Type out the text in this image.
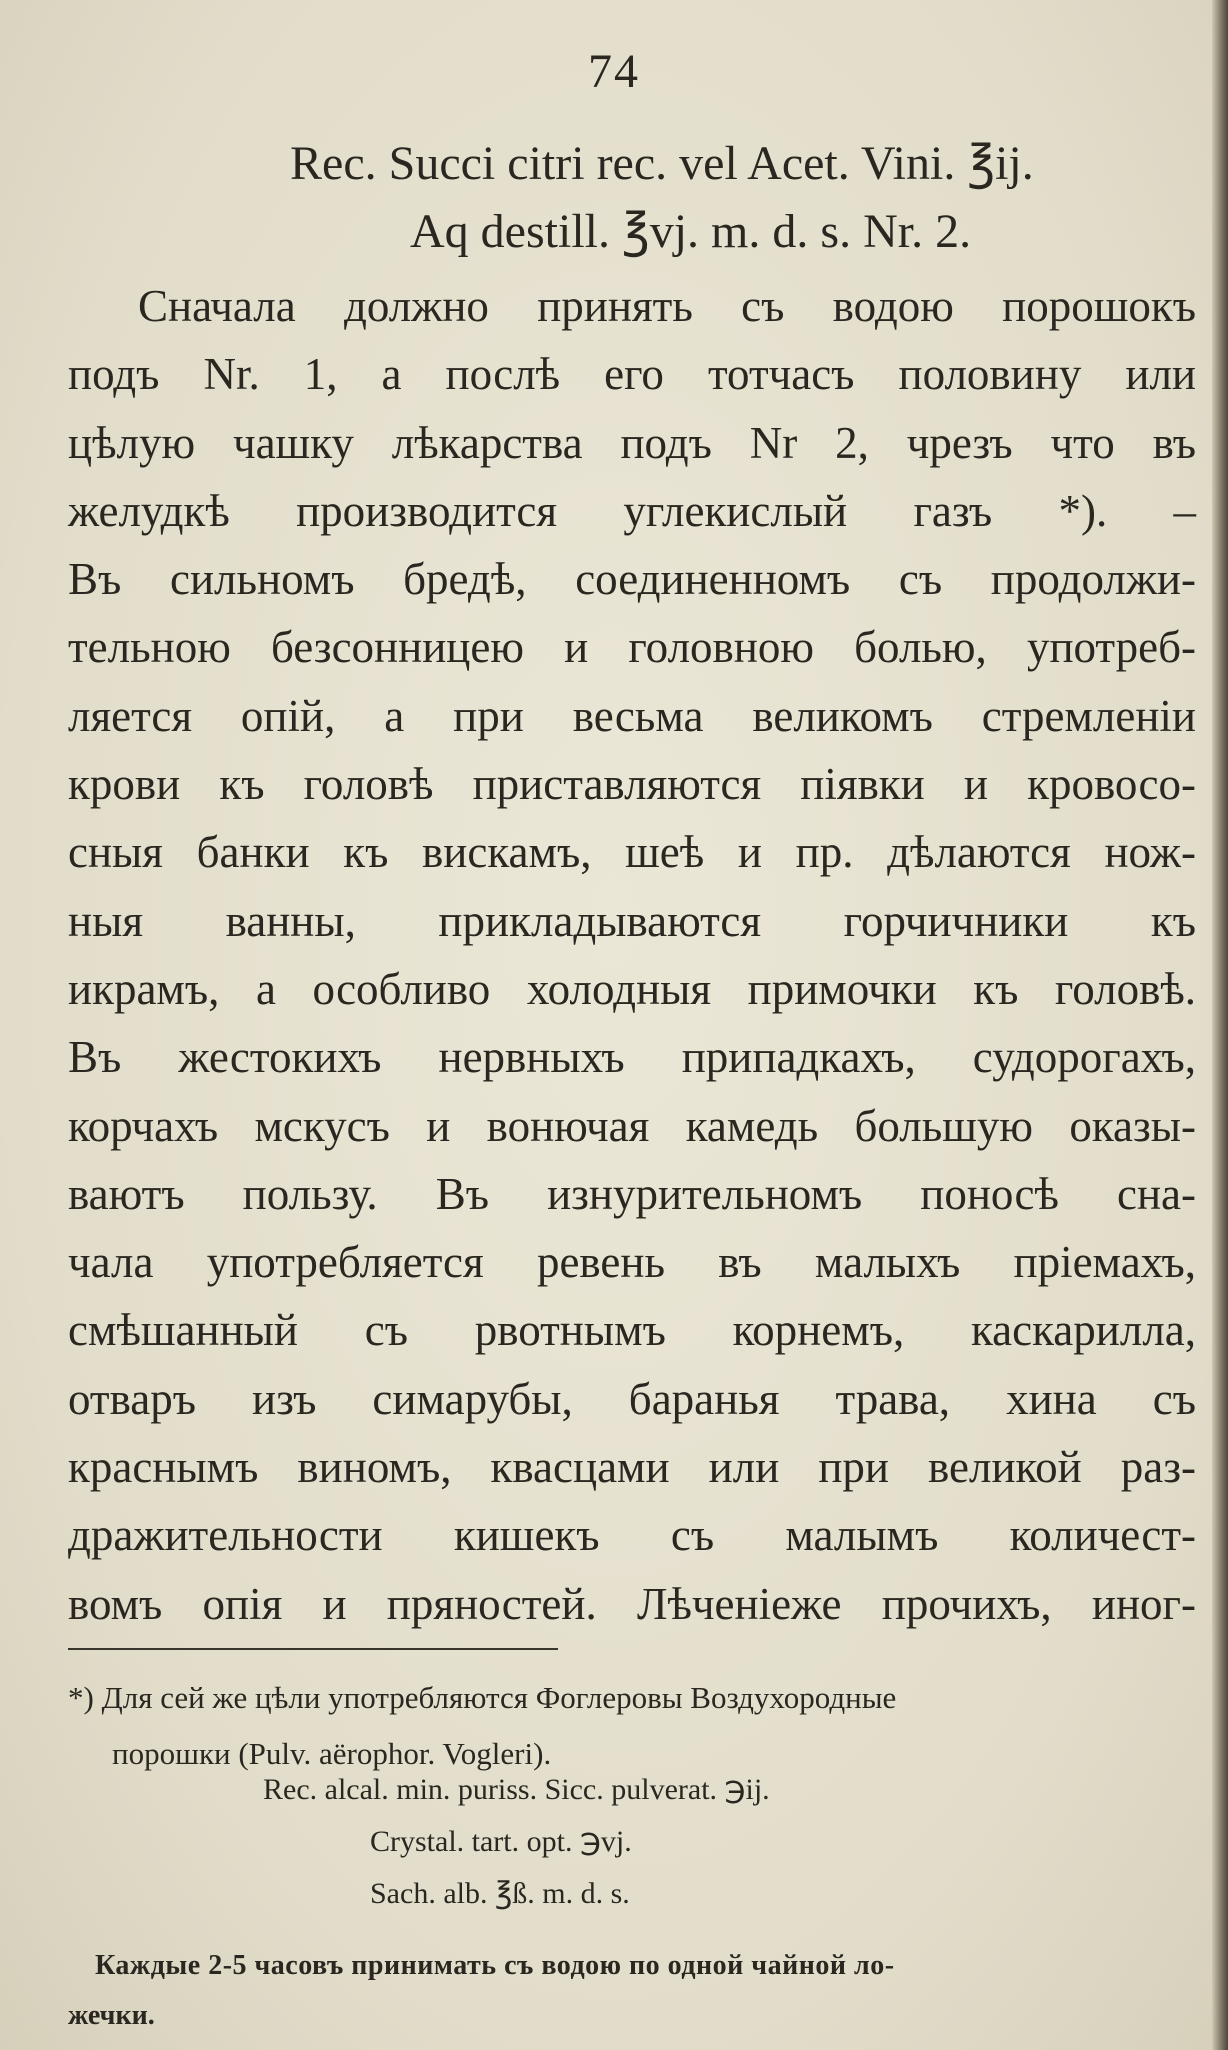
74
Rec. Succi citri rec. vel Acet. Vini. ℥ij.
Aq destill. ℥vj. m. d. s. Nr. 2.
Сначала должно принять съ водою порошокъ
подъ Nr. 1, а послѣ его тотчасъ половину или
цѣлую чашку лѣкарства подъ Nr 2, чрезъ что въ
желудкѣ производится углекислый газъ *). –
Въ сильномъ бредѣ, соединенномъ съ продолжи-
тельною безсонницею и головною болью, употреб-
ляется опій, а при весьма великомъ стремленіи
крови къ головѣ приставляются піявки и кровосо-
сныя банки къ вискамъ, шеѣ и пр. дѣлаются нож-
ныя ванны, прикладываются горчичники къ
икрамъ, а особливо холодныя примочки къ головѣ.
Въ жестокихъ нервныхъ припадкахъ, судорогахъ,
корчахъ мскусъ и вонючая камедь большую оказы-
ваютъ пользу. Въ изнурительномъ поносѣ сна-
чала употребляется ревень въ малыхъ пріемахъ,
смѣшанный съ рвотнымъ корнемъ, каскарилла,
отваръ изъ симарубы, баранья трава, хина съ
краснымъ виномъ, квасцами или при великой раз-
дражительности кишекъ съ малымъ количест-
вомъ опія и пряностей. Лѣченіеже прочихъ, иног-
*) Для сей же цѣли употребляются Фоглеровы Воздухородные
порошки (Pulv. aërophor. Vogleri).
Rec. alcal. min. puriss. Sicc. pulverat. ℈ij.
Crystal. tart. opt. ℈vj.
Sach. alb. ℥ß. m. d. s.
Каждые 2-5 часовъ принимать съ водою по одной чайной ло-
жечки.
